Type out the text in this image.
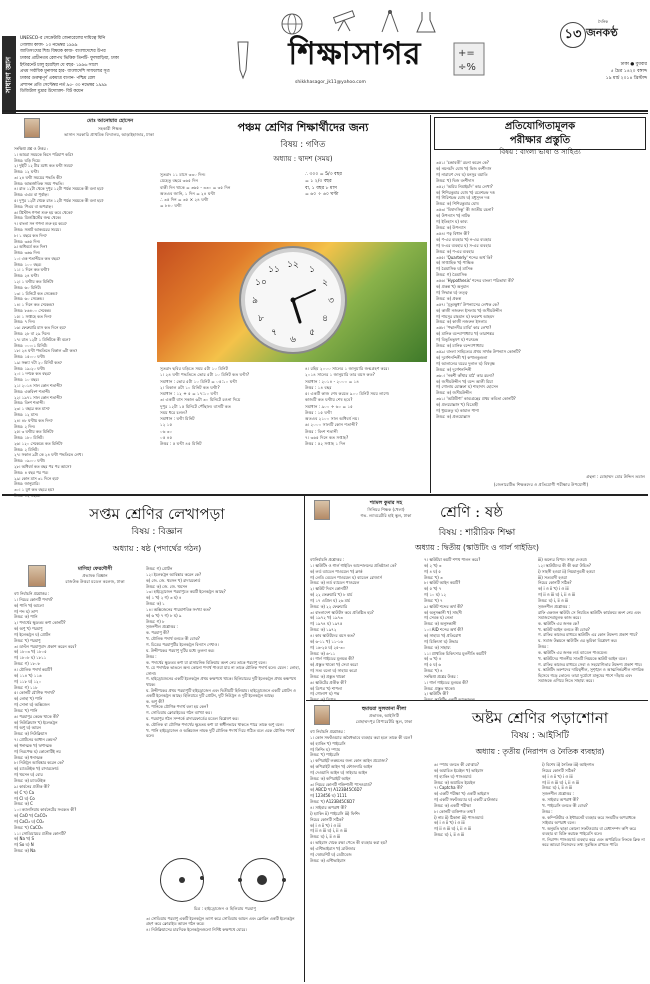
সাধারণ জ্ঞান
UNESCO-র সেক্রেটারি জেনারেলের দায়িত্বে যিনি
গোলাম কাফা- ১০ নভেম্বর ১৯৯৯
জাতিসংঘের শিশু বিষয়ক কাজ- বাংলাদেশের উপর
ঢাকার প্রাচীনতম রেলপথ ভিত্তিক তিনটি- ফুলবাড়িয়া, ঢাকা
ইন্টারনেট চালু হয়েছিল যে বছর- ১৯৯৬ সালে
প্রথম সর্বাধিক মুনাফার হার- বাংলাদেশি সাফল্যের সূত্র
ঢাকার গুরুত্বপূর্ণ একমাত্র বাগান- পশ্চিম রেল
প্রশাসন প্রতি সেপ্টেম্বর নর্ত ৯৫- ৩০ নভেম্বর ১৯৯৯
ডিজিটাল মুদ্রার উদ্যোক্তা- বিট কয়েন
+=
÷%
শিক্ষাসাগর
shikkhasagor_jk11@yahoo.com
১৩
দৈনিক
জনকণ্ঠ
ঢাকা ● বুধবার
৫ চৈত্র ১৪২০ বঙ্গাব্দ
১৯ মার্চ ২০১৪ খ্রিস্টাব্দ
মোঃ আনোয়ার হোসেন
সহকারী শিক্ষক
ভাসান সরকারি প্রাথমিক বিদ্যালয়, আড়াইহাজার, ঢাকা
পঞ্চম শ্রেণির শিক্ষার্থীদের জন্য
বিষয় : গণিত
অধ্যায় : দ্বাদশ (সময়)

সংক্ষিপ্ত প্রশ্ন ও উত্তর :

১। আমরা সময়কে কিসে পরিমাপ করি?

উত্তর: ঘড়ি দিয়ে।

২। দুইটি ১২ টার মধ্যে কত ঘণ্টা সময়?

উত্তর: ১২ ঘণ্টা।

৩। ২৪ ঘণ্টা সময়ের পদ্ধতি কী?

উত্তর: আন্তর্জাতিক সময় পদ্ধতি।

৪। রাত ১২টা থেকে দুপুর ১২টা পর্যন্ত সময়কে কী বলা হয়?

উত্তর: এএম বা পূর্বাহ্ন।

৫। দুপুর ১২টা থেকে রাত ১২টা পর্যন্ত সময়কে কী বলা হয়?

উত্তর: পিএম বা অপরাহ্ন।

৬। খ্রিস্টাব্দ গণনা শুরু হয় কবে থেকে?

উত্তর: যিশুখ্রিস্টের জন্ম থেকে।

৭। বাংলা সন গণনা শুরু হয় কবে?

উত্তর: সম্রাট আকবরের সময়ে।

৮। ১ বছরে কত দিন?

উত্তর: ৩৬৫ দিন।

৯। অধিবর্ষে কত দিন?

উত্তর: ৩৬৬ দিন।

১০। এক শতাব্দীতে কত বছর?

উত্তর: ১০০ বছর।

১১। ১ দিনে কত ঘণ্টা?

উত্তর: ২৪ ঘণ্টা।

১২। ১ ঘণ্টায় কত মিনিট?

উত্তর: ৬০ মিনিট।

১৩। ১ মিনিটে কত সেকেন্ড?

উত্তর: ৬০ সেকেন্ড।

১৪। ১ দিনে কত সেকেন্ড?

উত্তর: ৮৬৪০০ সেকেন্ড।

১৫। ১ সপ্তাহে কত দিন?

উত্তর: ৭ দিন।

১৬। ফেব্রুয়ারি মাস কত দিনে হয়?

উত্তর: ২৮ বা ২৯ দিনে।

১৭। রাত ১২টা ১ মিনিটকে কী বলে?

উত্তর: ০০:০১ মিনিট।

১৮। ২৪ ঘণ্টা পদ্ধতিতে বিকাল ৩টা কত?

উত্তর: ১৫:০০ ঘণ্টা।

১৯। সন্ধ্যা ৭টা ২০ মিনিট কত?

উত্তর: ১৯:২০ ঘণ্টা।

২০। ১ দশকে কত বছর?

উত্তর: ১০ বছর।

২১। ২০১৪ সাল কোন শতাব্দী?

উত্তর: একবিংশ শতাব্দী।

২২। ১৯৭১ সাল কোন শতাব্দী?

উত্তর: বিংশ শতাব্দী।

২৩। ১ বছরে কত মাস?

উত্তর: ১২ মাস।

২৪। ৪৮ ঘণ্টায় কত দিন?

উত্তর: ২ দিন।

২৫। ৩ ঘণ্টায় কত মিনিট?

উত্তর: ১৮০ মিনিট।

২৬। ১২০ সেকেন্ডে কত মিনিট?

উত্তর: ২ মিনিট।

২৭। সকাল ৯টা কে ২৪ ঘণ্টা পদ্ধতিতে লেখ।

উত্তর: ০৯:০০ ঘণ্টা।

২৮। অধিবর্ষ কত বছর পর পর আসে?

উত্তর: ৪ বছর পর পর।

২৯। কোন মাস ৩১ দিনে হয়?

উত্তর: জানুয়ারি।

৩০। ১ যুগ কত বছরে হয়?

সুতরাং ১১ মাসে ৩৩০ দিন।

যেহেতু বছরে ৩৬৫ দিন

বাকী দিন থাকে = ৩৬৫ - ৩৩০ = ৩৫ দিন

অতএব জানি, ১ দিন = ২৪ ঘণ্টা

∴ ৩৫ দিন = ৩৫ × ২৪ ঘণ্টা

= ৮৪০ ঘণ্টা

∴ ৩০০ = 5/৩ বছর

= ১ ২/৩ বছর

বা, ১ বছর ৮ মাস

= ৬০ ÷ ৬০ ঘণ্টা

১২ ১
২
৩
৪
৫
৬
৭
৮
৯
১০
১১

সুতরাং ছবির ঘড়িতে সময় ৫টা ১০ মিনিট

১। ২৪ ঘণ্টা পদ্ধতিতে ভোর ৫টা ১০ মিনিট কত ঘণ্টা?

সমাধান : ভোর ৫টা ১০ মিনিট = ০৫:১০ ঘণ্টা

২। বিকাল ৫টা ১০ মিনিট কত ঘণ্টা?

সমাধান : ১২ + ৫ = ১৭:১০ ঘণ্টা

৩। একটি বাস সকাল ৬টা ৩০ মিনিটে রওনা দিয়ে

দুপুর ১২টা ১৫ মিনিটে পৌঁছাল। বাসটি কত

সময় ধরে চলল?

সমাধান : ঘণ্টা মিনিট

১২ ১৫

০৬ ৩০

০৫ ৪৫

উত্তর : ৫ ঘণ্টা ৪৫ মিনিট

৪। রহিম ২০০০ সালের ১ জানুয়ারি জন্মগ্রহণ করে।

২০১৪ সালের ১ জানুয়ারি তার বয়স কত?

সমাধান : ২০১৪ - ২০০০ = ১৪

উত্তর : ১৪ বছর

৫। একটি কাজ শেষ করতে ৯০০ মিনিট সময় লাগে।

কাজটি কত ঘণ্টায় শেষ হবে?

সমাধান : ৯০০ ÷ ৬০ = ১৫

উত্তর : ১৫ ঘণ্টা

অতএব ২১০০ সাল অধিবর্ষ নয়।

৬। ২০০০ সালটি কোন শতাব্দী?

উত্তর : বিংশ শতাব্দী

৭। ৩৬৫ দিনে কত সপ্তাহ?

উত্তর : ৫২ সপ্তাহ ১ দিন

প্রতিযোগিতামূলক
পরীক্ষার প্রস্তুতি
বিষয় : বাংলা ভাষা ও সাহিত্য

৩৫১। 'চন্দ্রাবতী' রচনা করেন কে?

ক) নয়নচাঁদ ঘোষ খ) দ্বিজ বংশীদাস

গ) নারায়ণ দেব ঘ) মনসুর বয়াতি

উত্তর: খ) দ্বিজ বংশীদাস

৩৫২। 'অমিয় নিমাইচাঁদ' কার লেখা?

ক) শিশিরকুমার ঘোষ খ) রমেশচন্দ্র দত্ত

গ) গিরিশচন্দ্র ঘোষ ঘ) মধুসূদন দত্ত

উত্তর: ক) শিশিরকুমার ঘোষ

৩৫৩। 'বিষাদসিন্ধু' কী জাতীয় রচনা?

ক) উপন্যাস খ) নাটক

গ) ইতিহাস ঘ) কাব্য

উত্তর: ক) উপন্যাস

৩৫৪। ণত্ব বিধান কী?

ক) ণ-এর ব্যবহার খ) ন-এর ব্যবহার

গ) ষ-এর ব্যবহার ঘ) স-এর ব্যবহার

উত্তর: ক) ণ-এর ব্যবহার

৩৫৫। 'Quarterly' শব্দের অর্থ কি?

ক) সাপ্তাহিক খ) পাক্ষিক

গ) ত্রৈমাসিক ঘ) মাসিক

উত্তর: গ) ত্রৈমাসিক

৩৫৬। 'Hypothesis' শব্দের বাংলা পরিভাষা কী?

ক) প্রকল্প খ) অনুমান

গ) সিদ্ধান্ত ঘ) তত্ত্ব

উত্তর: ক) প্রকল্প

৩৫৭। 'মৃত্যুক্ষুধা' উপন্যাসের লেখক কে?

ক) কাজী নজরুল ইসলাম খ) জসীমউদ্দীন

গ) শামসুর রাহমান ঘ) ফররুখ আহমদ

উত্তর: ক) কাজী নজরুল ইসলাম

৩৫৮। 'পদ্মানদীর মাঝি' কার লেখা?

ক) মানিক বন্দ্যোপাধ্যায় খ) তারাশঙ্কর

গ) বিভূতিভূষণ ঘ) শরৎচন্দ্র

উত্তর: ক) মানিক বন্দ্যোপাধ্যায়

৩৫৯। বাংলা সাহিত্যের প্রথম সার্থক উপন্যাস কোনটি?

ক) দুর্গেশনন্দিনী খ) কপালকুণ্ডলা

গ) আলালের ঘরের দুলাল ঘ) বিষবৃক্ষ

উত্তর: ক) দুর্গেশনন্দিনী

৩৬০। 'নকশী কাঁথার মাঠ' কার রচনা?

ক) জসীমউদ্দীন খ) বন্দে আলী মিয়া

গ) গোলাম মোস্তফা ঘ) শাহাদাৎ হোসেন

উত্তর: ক) জসীমউদ্দীন

৩৬১। 'অগ্নিবীণা' কাব্যগ্রন্থের প্রথম কবিতা কোনটি?

ক) প্রলয়োল্লাস খ) বিদ্রোহী

গ) ধূমকেতু ঘ) কামাল পাশা

উত্তর: ক) প্রলয়োল্লাস

গ্রন্থনা : মোহাম্মদ মোর উদ্দিন তমাল
(জেনারেটিভ শিক্ষকদের ও প্রতিযোগী পরীক্ষার উপযোগী)
সপ্তম শ্রেণির লেখাপড়া
বিষয় : বিজ্ঞান
অধ্যায় : ষষ্ঠ (পদার্থের গঠন)
মাসিহা ফেরদৌসী
প্রভাষক বিজ্ঞান
রাজউক উত্তরা মডেল কলেজ, ঢাকা

বহু নির্বাচনি প্রশ্নোত্তর :

১। নিচের কোনটি পদার্থ?

ক) পানি খ) আলো

গ) শব্দ ঘ) তাপ

উত্তর: ক) পানি

২। পদার্থের ক্ষুদ্রতম কণা কোনটি?

ক) অণু খ) পরমাণু

গ) ইলেকট্রন ঘ) প্রোটন

উত্তর: খ) পরমাণু

৩। ডাল্টন পরমাণুবাদ প্রকাশ করেন কবে?

ক) ১৮০৩ খ) ১৮০৫

গ) ১৮০৮ ঘ) ১৮১১

উত্তর: গ) ১৮০৮

৪। মৌলিক পদার্থ কয়টি?

ক) ১১৪ খ) ১১৬

গ) ১১৮ ঘ) ১২০

উত্তর: গ) ১১৮

৫। কোনটি যৌগিক পদার্থ?

ক) লোহা খ) পানি

গ) সোনা ঘ) অক্সিজেন

উত্তর: খ) পানি

৬। পরমাণুর কেন্দ্রে থাকে কী?

ক) নিউক্লিয়াস খ) ইলেকট্রন

গ) অণু ঘ) আয়ন

উত্তর: ক) নিউক্লিয়াস

৭। প্রোটনের আধান কেমন?

ক) ধনাত্মক খ) ঋণাত্মক

গ) নিরপেক্ষ ঘ) কোনোটিই নয়

উত্তর: ক) ধনাত্মক

৮। নিউট্রন আবিষ্কার করেন কে?

ক) চ্যাডউইক খ) রাদারফোর্ড

গ) থমসন ঘ) বোর

উত্তর: ক) চ্যাডউইক

৯। কার্বনের প্রতীক কী?

ক) C খ) Ca

গ) Cl ঘ) Co

উত্তর: ক) C

১০। ক্যালসিয়াম কার্বনেটের সংকেত কী?

ক) CaO খ) CaCO₃

গ) CaCl₂ ঘ) CO₂

উত্তর: খ) CaCO₃

১১। সোডিয়ামের প্রতীক কোনটি?

ক) Na খ) S

গ) So ঘ) N

উত্তর: ক) Na

উত্তর: গ) প্রোটন

১২। ইলেকট্রন আবিষ্কার করেন কে?

ক) জে. জে. থমসন খ) রাদারফোর্ড

উত্তর: ক) জে. জে. থমসন

১৩। হাইড্রোজেন পরমাণুতে কয়টি ইলেকট্রন আছে?

ক) ১ খ) ২ গ) ৩ ঘ) ৪

উত্তর: ক) ১

১৪। অক্সিজেনের পারমাণবিক সংখ্যা কত?

ক) ৬ খ) ৭ গ) ৮ ঘ) ৯

উত্তর: গ) ৮

সৃজনশীল প্রশ্নোত্তর :

ক. পরমাণু কী?

খ. মৌলিক পদার্থ বলতে কী বোঝ?

গ. চিত্রের পরমাণুটির ইলেকট্রন বিন্যাস দেখাও।

ঘ. উদ্দীপকের পরমাণু দুটির মধ্যে তুলনা কর।

উত্তর :

ক. পদার্থের ক্ষুদ্রতম কণা যা রাসায়নিক বিক্রিয়ায় অংশ নেয় তাকে পরমাণু বলে।

খ. যে পদার্থকে ভাঙলে অন্য কোনো পদার্থ পাওয়া যায় না তাকে মৌলিক পদার্থ বলে। যেমন : লোহা, সোনা।

গ. হাইড্রোজেনের একটি ইলেকট্রন প্রথম কক্ষপথে থাকে। হিলিয়ামের দুটি ইলেকট্রন প্রথম কক্ষপথে থাকে।

ঘ. উদ্দীপকের প্রথম পরমাণুটি হাইড্রোজেন এবং দ্বিতীয়টি হিলিয়াম। হাইড্রোজেনে একটি প্রোটন ও একটি ইলেকট্রন আছে। হিলিয়ামে দুটি প্রোটন, দুটি নিউট্রন ও দুটি ইলেকট্রন আছে।

ক. অণু কী?

খ. পানিকে যৌগিক পদার্থ বলা হয় কেন?

গ. সোডিয়াম ক্লোরাইডের গঠন ব্যাখ্যা কর।

ঘ. পরমাণুর গঠন সম্পর্কে রাদারফোর্ডের মডেল বিশ্লেষণ কর।

ক. মৌলিক বা যৌগিক পদার্থের ক্ষুদ্রতম কণা যা স্বাধীনভাবে থাকতে পারে তাকে অণু বলে।

খ. পানি হাইড্রোজেন ও অক্সিজেন নামক দুটি মৌলিক পদার্থ দিয়ে গঠিত বলে একে যৌগিক পদার্থ বলে।

চিত্র : হাইড্রোজেন ও হিলিয়াম পরমাণু

৩। সোডিয়াম পরমাণু একটি ইলেকট্রন ত্যাগ করে সোডিয়াম আয়ন এবং ক্লোরিন একটি ইলেকট্রন গ্রহণ করে ক্লোরাইড আয়ন গঠন করে।

৪। নিউক্লিয়াসের চারদিকে ইলেকট্রনগুলো নির্দিষ্ট কক্ষপথে ঘোরে।

শ্যামল কুমার সহ
সিনিয়র শিক্ষক (খেলা)
গভ. ল্যাবরেটরি হাই স্কুল, ঢাকা	শ্রেণি : ষষ্ঠ
বিষয় : শারীরিক শিক্ষা
অধ্যায় : দ্বিতীয় (স্কাউটিং ও গার্ল গাইডিং)

বহুনির্বাচনি প্রশ্নোত্তর :

১। স্কাউটিং ও গার্ল গাইডিং আন্দোলনের প্রতিষ্ঠাতা কে?

ক) লর্ড ব্যাডেন পাওয়েল খ) ক্লার্ক

গ) লেডি বেডেন পাওয়েল ঘ) ব্যাডেন রোজার্স

উত্তর: ক) লর্ড ব্যাডেন পাওয়েল

২। স্কাউট দিবস কোনটি?

ক) ২২ ফেব্রুয়ারি খ) ৮ মার্চ

গ) ১৭ এপ্রিল ঘ) ২৬ মার্চ

উত্তর: ক) ২২ ফেব্রুয়ারি

৩। বাংলাদেশ স্কাউটস কবে প্রতিষ্ঠিত হয়?

ক) ১৯৭২ খ) ১৯৭৩

গ) ১৯৭৪ ঘ) ১৯৭৫

উত্তর: ক) ১৯৭২

৪। কাব স্কাউটদের বয়স কত?

ক) ৬-১১ খ) ১১-১৬

গ) ১৬-২৫ ঘ) ২৫-৩০

উত্তর: ক) ৬-১১

৫। গার্ল গাইডের মূলমন্ত্র কী?

ক) প্রস্তুত থাকো খ) সেবা করো

গ) সত্য বলো ঘ) সাহায্য করো

উত্তর: ক) প্রস্তুত থাকো

৬। স্কাউটের প্রতীক কী?

ক) ত্রিপত্র খ) শাপলা

গ) গোলাপ ঘ) পদ্ম

৭। স্কাউটরা কয়টি শপথ পালন করে?

ক) ২ খ) ৩

গ) ৪ ঘ) ৫

উত্তর: খ) ৩

৮। স্কাউট আইন কয়টি?

ক) ৫ খ) ৭

গ) ১০ ঘ) ১২

উত্তর: খ) ৭

৯। স্কাউট শব্দের অর্থ কী?

ক) অনুসন্ধানী খ) সাহসী

গ) সেবক ঘ) নেতা

উত্তর: ক) অনুসন্ধানী

১০। AID শব্দের অর্থ কী?

ক) সাহায্য খ) প্রতিরোধ

গ) চিকিৎসা ঘ) উদ্ধার

উত্তর: ক) সাহায্য

১১। প্রাথমিক চিকিৎসার মূলনীতি কয়টি?

ক) ৩ খ) ৪

গ) ৫ ঘ) ৬

উত্তর: খ) ৪

সংক্ষিপ্ত প্রশ্নের উত্তর :

১। গার্ল গাইডের মূলমন্ত্র কী?

উত্তর: প্রস্তুত থাকো।

২। স্কাউটিং কী?

iii) অন্যের বিপদে সাড়া দেওয়া।

১২। স্কাউটদের কী কী করা উচিত?

i) সাহসী হওয়া ii) নিয়মানুবর্তী হওয়া

iii) সত্যবাদী হওয়া

নিচের কোনটি সঠিক?

ক) i ও ii খ) i ও iii

গ) ii ও iii ঘ) i, ii ও iii

উত্তর: ঘ) i, ii ও iii

সৃজনশীল প্রশ্নোত্তর :

রাফি একজন স্কাউট। সে নিয়মিত স্কাউটিং কার্যক্রমে অংশ নেয় এবং সমাজসেবামূলক কাজ করে।

ক. স্কাউটিং এর জনক কে?

খ. স্কাউট আইন বলতে কী বোঝ?

গ. রাফির কাজের মাধ্যমে স্কাউটিং এর কোন উদ্দেশ্য প্রকাশ পায়?

ঘ. সমাজ উন্নয়নে স্কাউটিং এর ভূমিকা বিশ্লেষণ কর।

উত্তর :

ক. স্কাউটিং এর জনক লর্ড ব্যাডেন পাওয়েল।

খ. স্কাউটদের পালনীয় সাতটি নিয়মকে স্কাউট আইন বলে।

গ. রাফির কাজের মাধ্যমে সেবা ও সহযোগিতার উদ্দেশ্য প্রকাশ পায়।

ঘ. স্কাউটিং তরুণদের দায়িত্বশীল, সুশৃঙ্খল ও আত্মনির্ভরশীল নাগরিক হিসেবে গড়ে তোলে। তারা দুর্যোগে মানুষের পাশে দাঁড়ায় এবং সমাজকে এগিয়ে নিতে সাহায্য করে।

হুমায়রা সুলতানা নীলা
প্রভাষক, আইসিটি
মোহাম্মদপুর প্রিপারেটরি স্কুল, ঢাকা

বহু নির্বাচনি প্রশ্নোত্তর :

১। কোন সফটওয়্যার অবৈধভাবে ব্যবহার করা হলে তাকে কী বলে?

ক) হ্যাকিং খ) পাইরেসি

গ) ফিশিং ঘ) স্প্যাম

উত্তর: খ) পাইরেসি

২। কপিরাইট লঙ্ঘনের জন্য কোন আইন প্রযোজ্য?

ক) কপিরাইট আইন খ) ফৌজদারি আইন

গ) দেওয়ানি আইন ঘ) সাইবার আইন

উত্তর: ক) কপিরাইট আইন

৩। নিচের কোনটি শক্তিশালী পাসওয়ার্ড?

ক) ABCD খ) A123B45C6D7

গ) 123456 ঘ) 1111

উত্তর: খ) A123B45C6D7

৪। সাইবার অপরাধ কী?

i) হ্যাকিং ii) পাইরেসি iii) ফিশিং

নিচের কোনটি সঠিক?

ক) i ও ii খ) i ও iii

গ) ii ও iii ঘ) i, ii ও iii

উত্তর: ঘ) i, ii ও iii

৫। ভাইরাস থেকে রক্ষা পেতে কী ব্যবহার করা হয়?

ক) এন্টিভাইরাস খ) ব্রাউজার

গ) স্প্রেডশিট ঘ) ডেটাবেজ

উত্তর: ক) এন্টিভাইরাস

অষ্টম শ্রেণির পড়াশোনা
বিষয় : আইসিটি
অধ্যায় : তৃতীয় (নিরাপদ ও নৈতিক ব্যবহার)

৬। স্প্যাম বলতে কী বোঝায়?

ক) অযাচিত ইমেইল খ) ভাইরাস

গ) হ্যাকিং ঘ) পাসওয়ার্ড

উত্তর: ক) অযাচিত ইমেইল

৭। Captcha কী?

ক) একটি পরীক্ষা খ) একটি ভাইরাস

গ) একটি সফটওয়্যার ঘ) একটি ব্রাউজার

উত্তর: ক) একটি পরীক্ষা

৮। কোনটি ব্যক্তিগত তথ্য?

i) নাম ii) ঠিকানা iii) পাসওয়ার্ড

ক) i ও ii খ) i ও iii

গ) ii ও iii ঘ) i, ii ও iii

উত্তর: ঘ) i, ii ও iii

i) বিশেষ ii) নৈতিক iii) আইনগত

নিচের কোনটি সঠিক?

ক) i ও ii খ) i ও iii

গ) ii ও iii ঘ) i, ii ও iii

উত্তর: ঘ) i, ii ও iii

সৃজনশীল প্রশ্নোত্তর :

ক. সাইবার অপরাধ কী?

খ. পাইরেসি বলতে কী বোঝ?

উত্তর :

ক. কম্পিউটার ও ইন্টারনেট ব্যবহার করে সংঘটিত অপরাধকে সাইবার অপরাধ বলে।

খ. অনুমতি ছাড়া কোনো সফটওয়্যার বা মেধাসম্পদ কপি করে ব্যবহার বা বিক্রি করাকে পাইরেসি বলে।

গ. নিরাপদ পাসওয়ার্ড ব্যবহার করে এবং অপরিচিত লিংকে ক্লিক না করে আমরা নিজেদের তথ্য সুরক্ষিত রাখতে পারি।
